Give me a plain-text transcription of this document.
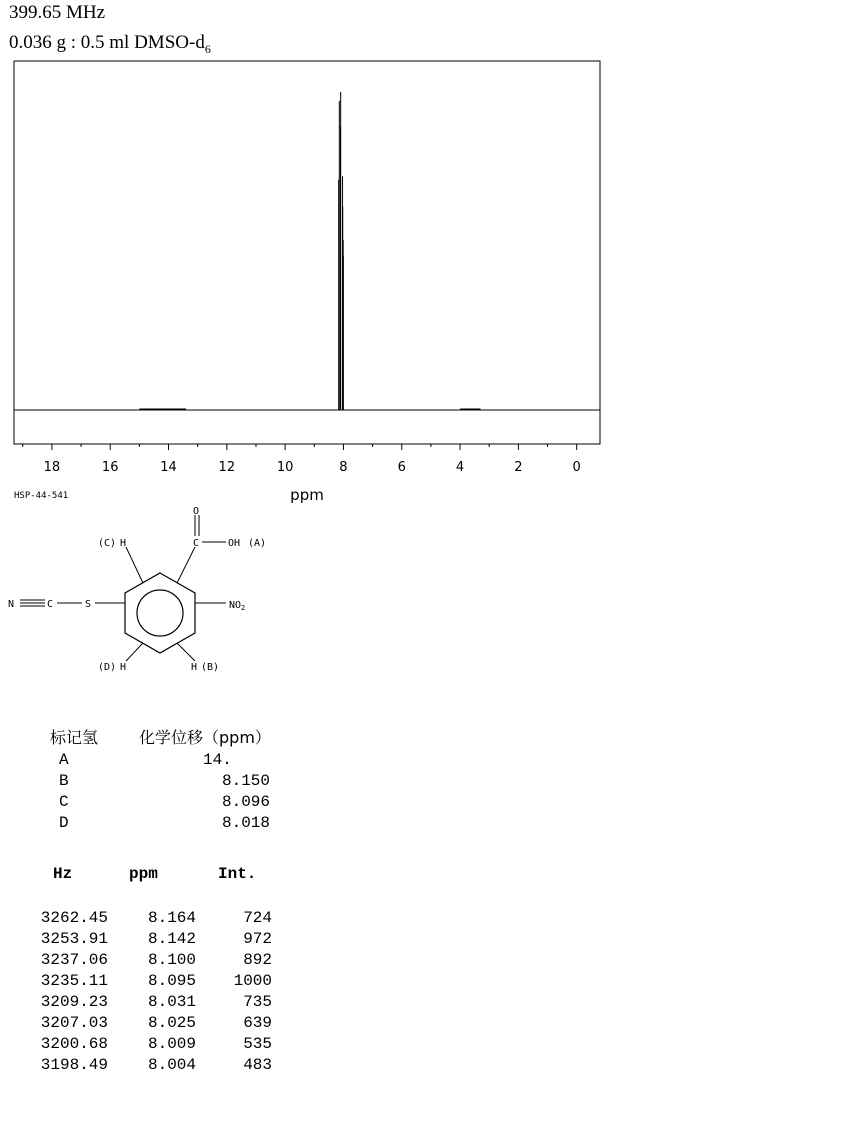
399.65 MHz
0.036 g : 0.5 ml DMSO-$d_6$
18	16	14	12	10	8	6	4	2	0
ppm
HSP-44-541
O
C	OH (A)
(C) H
$NO_2$
(D) H	H (B)
N	C	S
标记氢	化学位移（ppm）
A	14.
B	8.150
C	8.096
D	8.018
Hz	ppm	Int.
3262.45	8.164	724
3253.91	8.142	972
3237.06	8.100	892
3235.11	8.095	1000
3209.23	8.031	735
3207.03	8.025	639
3200.68	8.009	535
3198.49	8.004	483
